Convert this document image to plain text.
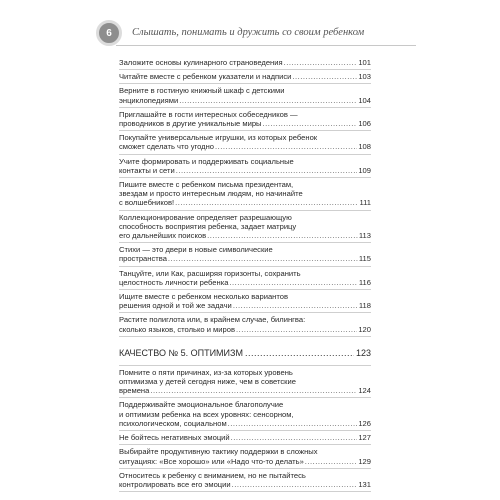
6	Слышать, понимать и дружить со своим ребенком
Заложите основы кулинарного страноведения .....	101
Читайте вместе с ребенком указатели и надписи .....	103
Верните в гостиную книжный шкаф с детскими
энциклопедиями .....	104
Приглашайте в гости интересных собеседников —
проводников в другие уникальные миры .....	106
Покупайте универсальные игрушки, из которых ребенок
сможет сделать что угодно .....	108
Учите формировать и поддерживать социальные
контакты и сети .....	109
Пишите вместе с ребенком письма президентам,
звездам и просто интересным людям, но начинайте
с волшебников! .....	111
Коллекционирование определяет разрешающую
способность восприятия ребенка, задает матрицу
его дальнейших поисков .....	113
Стихи — это двери в новые символические
пространства .....	115
Танцуйте, или Как, расширяя горизонты, сохранить
целостность личности ребенка .....	116
Ищите вместе с ребенком несколько вариантов
решения одной и той же задачи .....	118
Растите полиглота или, в крайнем случае, билингва:
сколько языков, столько и миров .....	120
КАЧЕСТВО № 5. ОПТИМИЗМ .....	123
Помните о пяти причинах, из-за которых уровень
оптимизма у детей сегодня ниже, чем в советские
времена .....	124
Поддерживайте эмоциональное благополучие
и оптимизм ребенка на всех уровнях: сенсорном,
психологическом, социальном .....	126
Не бойтесь негативных эмоций .....	127
Выбирайте продуктивную тактику поддержки в сложных
ситуациях: «Все хорошо» или «Надо что-то делать» .....	129
Относитесь к ребенку с вниманием, но не пытайтесь
контролировать все его эмоции .....	131
